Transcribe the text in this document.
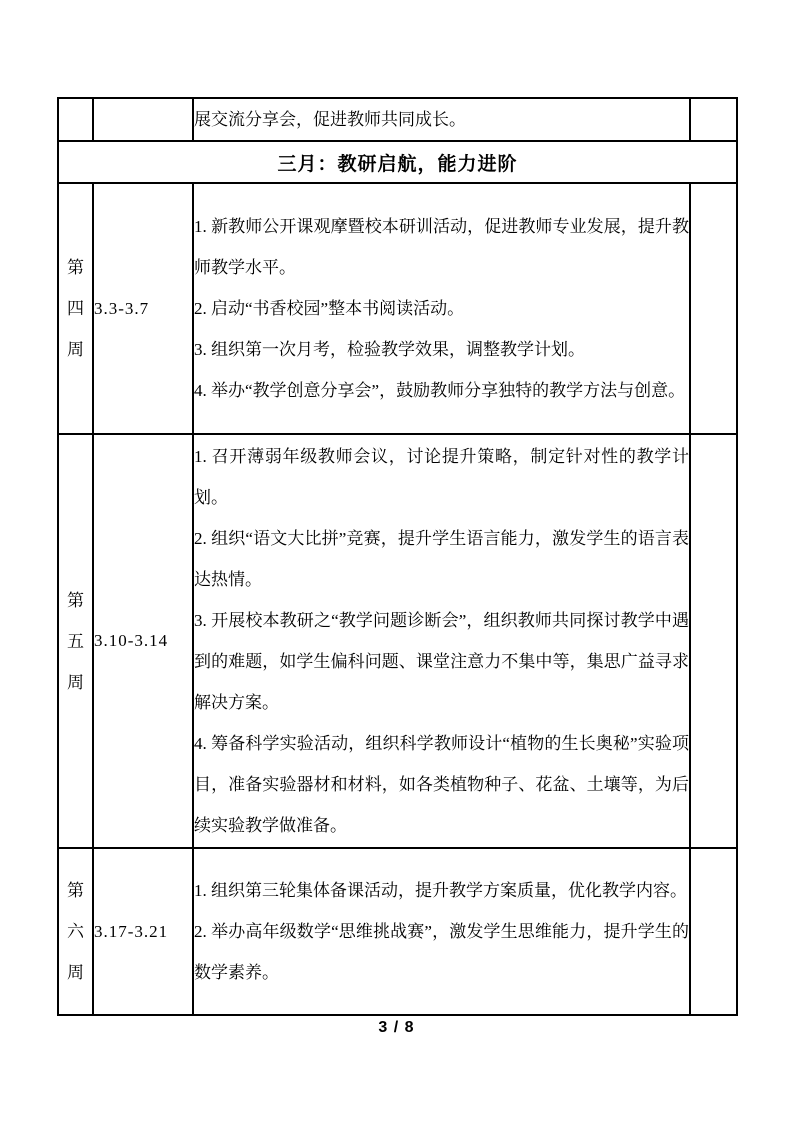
		展交流分享会，促进教师共同成长。	

三月：教研启航，能力进阶			
第四周	3.3-3.7	1. 新教师公开课观摩暨校本研训活动，促进教师专业发展，提升教师教学水平。

2. 启动“书香校园”整本书阅读活动。

3. 组织第一次月考，检验教学效果，调整教学计划。

4. 举办“教学创意分享会”，鼓励教师分享独特的教学方法与创意。	

第五周	3.10-3.14	1. 召开薄弱年级教师会议，讨论提升策略，制定针对性的教学计划。

2. 组织“语文大比拼”竞赛，提升学生语言能力，激发学生的语言表达热情。

3. 开展校本教研之“教学问题诊断会”，组织教师共同探讨教学中遇到的难题，如学生偏科问题、课堂注意力不集中等，集思广益寻求解决方案。

4. 筹备科学实验活动，组织科学教师设计“植物的生长奥秘”实验项目，准备实验器材和材料，如各类植物种子、花盆、土壤等，为后续实验教学做准备。	

第六周	3.17-3.21	1. 组织第三轮集体备课活动，提升教学方案质量，优化教学内容。

2. 举办高年级数学“思维挑战赛”，激发学生思维能力，提升学生的数学素养。	

3 / 8
